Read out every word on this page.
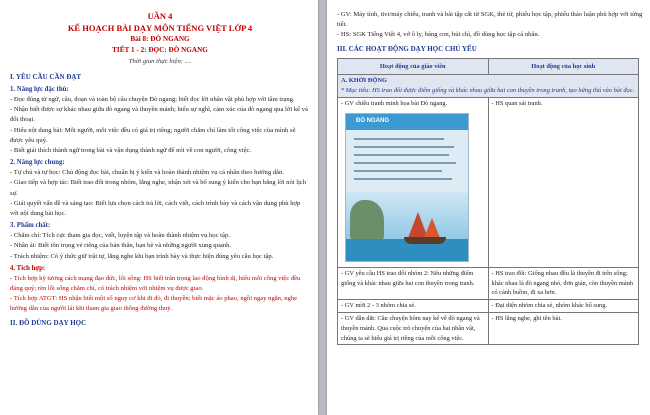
UẦN 4

KẾ HOẠCH BÀI DẠY MÔN TIẾNG VIỆT LỚP 4

Bài 8: ĐÒ NGANG

TIẾT 1 - 2: ĐỌC: ĐÒ NGANG

Thời gian thực hiện: ....

I. YÊU CẦU CẦN ĐẠT

1. Năng lực đặc thù:

- Đọc đúng từ ngữ, câu, đoạn và toàn bộ câu chuyện Đò ngang; biết đọc lời nhân vật phù hợp với tâm trạng.

- Nhận biết được sự khác nhau giữa đò ngang và thuyền mảnh; hiểu sự nghĩ, cảm xúc của đò ngang qua lời kể và đối thoại.

- Hiểu nội dung bài: Mỗi người, mỗi việc đều có giá trị riêng; người chăm chỉ làm tốt công việc của mình sẽ được yêu quý.

- Biết giải thích thành ngữ trong bài và vận dụng thành ngữ để nói về con người, công việc.

2. Năng lực chung:

- Tự chủ và tự học: Chủ động đọc bài, chuẩn bị ý kiến và hoàn thành nhiệm vụ cá nhân theo hướng dẫn.

- Giao tiếp và hợp tác: Biết trao đổi trong nhóm, lắng nghe, nhận xét và bổ sung ý kiến cho bạn bằng lời nói lịch sự.

- Giải quyết vấn đề và sáng tạo: Biết lựa chọn cách trả lời, cách viết, cách trình bày và cách vận dụng phù hợp với nội dung bài học.

3. Phẩm chất:

- Chăm chỉ: Tích cực tham gia đọc, viết, luyện tập và hoàn thành nhiệm vụ học tập.

- Nhân ái: Biết tôn trọng vẻ riêng của bản thân, bạn bè và những người xung quanh.

- Trách nhiệm: Có ý thức giữ trật tự, lắng nghe khi bạn trình bày và thực hiện đúng yêu cầu học tập.

4. Tích hợp:

- Tích hợp kỹ tương cách mạng đạo đức, lối sống: HS biết trân trọng lao động bình dị, hiểu mỗi công việc đều đáng quý; rèn lối sống chăm chỉ, có trách nhiệm với nhiệm vụ được giao.

- Tích hợp ATGT: HS nhận biết một số nguy cơ khi đi đò, đi thuyền; biết mặc áo phao, ngồi ngay ngắn, nghe hướng dẫn của người lái khi tham gia giao thông đường thuỷ.

II. ĐỒ DÙNG DẠY HỌC

- GV: Máy tính, tivi/máy chiếu, tranh và bài tập cắt từ SGK, thẻ từ, phiếu học tập, phiếu thảo luận phù hợp với từng tiết.

- HS: SGK Tiếng Việt 4, vở ô ly, bảng con, bút chì, đồ dùng học tập cá nhân.

III. CÁC HOẠT ĐỘNG DẠY HỌC CHỦ YẾU

Hoạt động của giáo viên	Hoạt động của học sinh

A. KHỞI ĐỘNG
* Mục tiêu: HS trao đổi được điểm giống và khác nhau giữa hai con thuyền trong tranh, tạo hứng thú vào bài đọc.	

- GV chiếu tranh minh họa bài Đò ngang.
ĐÒ NGANG	- HS quan sát tranh.
- GV yêu cầu HS trao đổi nhóm 2: Nêu những điểm giống và khác nhau giữa hai con thuyền trong tranh.	- HS trao đổi: Giống nhau đều là thuyền đi trên sông; khác nhau là đò ngang nhỏ, đơn giản, còn thuyền mảnh có cánh buồm, đi xa hơn.
- GV mời 2 - 3 nhóm chia sẻ.	- Đại diện nhóm chia sẻ, nhóm khác bổ sung.
- GV dẫn dắt: Câu chuyện hôm nay kể về đò ngang và thuyền mảnh. Qua cuộc trò chuyện của hai nhân vật, chúng ta sẽ hiểu giá trị riêng của mỗi công việc.	- HS lắng nghe, ghi tên bài.
